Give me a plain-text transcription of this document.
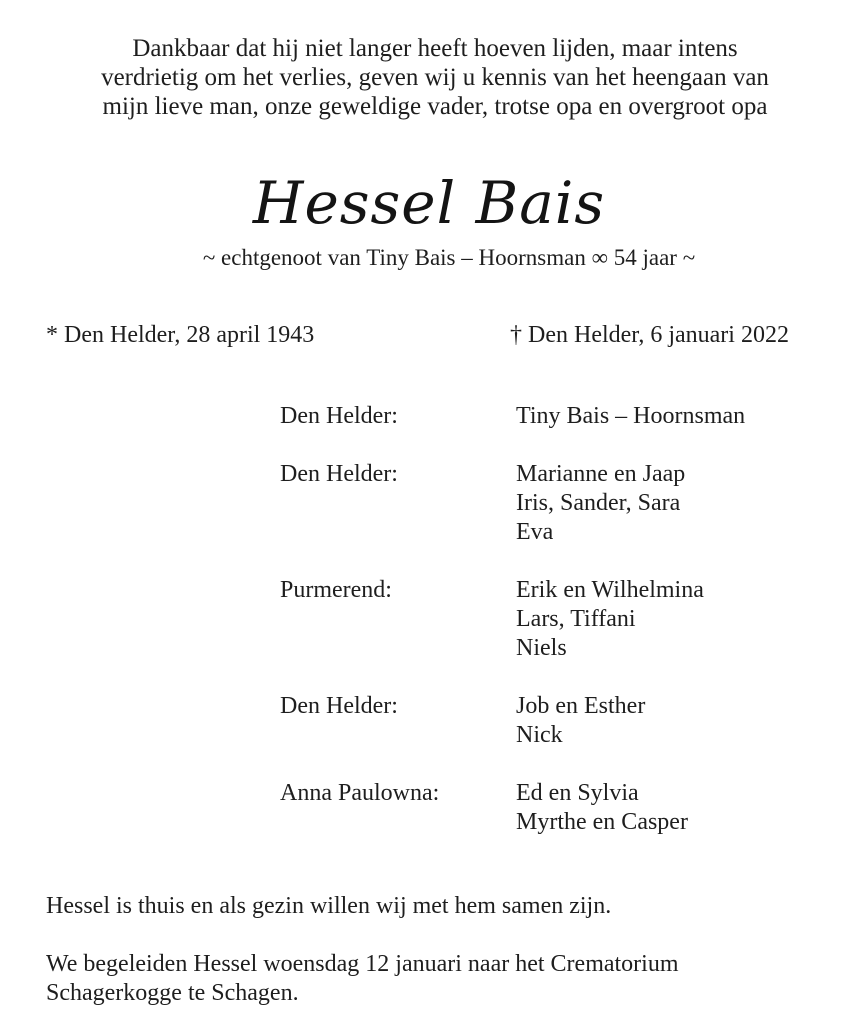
Dankbaar dat hij niet langer heeft hoeven lijden, maar intens
verdrietig om het verlies, geven wij u kennis van het heengaan van
mijn lieve man, onze geweldige vader, trotse opa en overgroot opa
Hessel Bais
~ echtgenoot van Tiny Bais – Hoornsman ∞ 54 jaar ~
* Den Helder, 28 april 1943	† Den Helder, 6 januari 2022
Den Helder:	Tiny Bais – Hoornsman
Den Helder:	Marianne en Jaap
Iris, Sander, Sara
Eva
Purmerend:	Erik en Wilhelmina
Lars, Tiffani
Niels
Den Helder:	Job en Esther
Nick
Anna Paulowna:	Ed en Sylvia
Myrthe en Casper
Hessel is thuis en als gezin willen wij met hem samen zijn.
We begeleiden Hessel woensdag 12 januari naar het Crematorium
Schagerkogge te Schagen.
